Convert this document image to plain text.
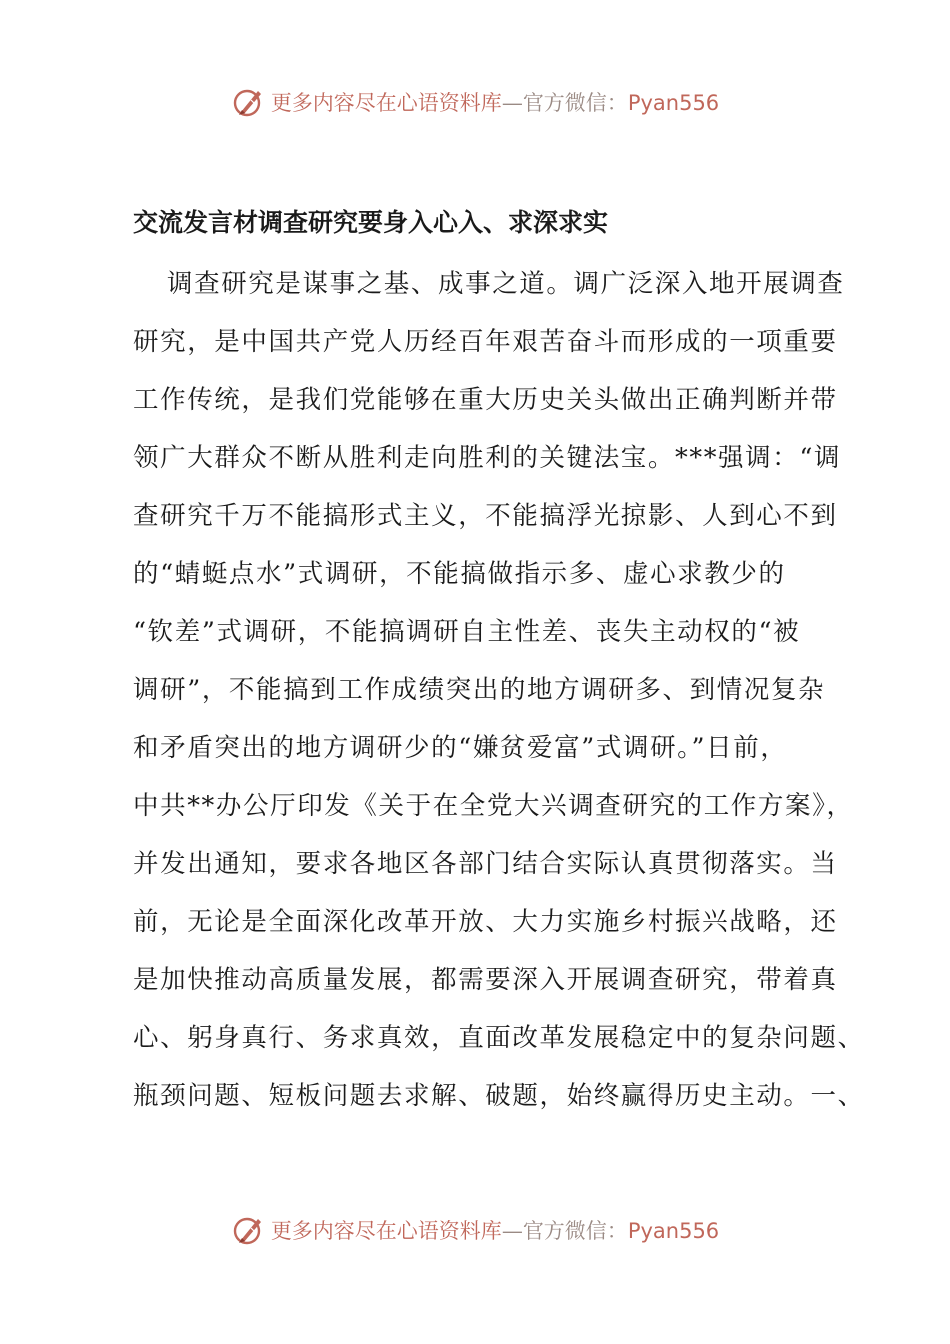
更多内容尽在心语资料库—官方微信：Pyan556
交流发言材调查研究要身入心入、求深求实
调查研究是谋事之基、成事之道。调广泛深入地开展调查
研究，是中国共产党人历经百年艰苦奋斗而形成的一项重要
工作传统，是我们党能够在重大历史关头做出正确判断并带
领广大群众不断从胜利走向胜利的关键法宝。***强调：“调
查研究千万不能搞形式主义，不能搞浮光掠影、人到心不到
的“蜻蜓点水”式调研，不能搞做指示多、虚心求教少的
“钦差”式调研，不能搞调研自主性差、丧失主动权的“被
调研”，不能搞到工作成绩突出的地方调研多、到情况复杂
和矛盾突出的地方调研少的“嫌贫爱富”式调研。”日前，
中共**办公厅印发《关于在全党大兴调查研究的工作方案》，
并发出通知，要求各地区各部门结合实际认真贯彻落实。当
前，无论是全面深化改革开放、大力实施乡村振兴战略，还
是加快推动高质量发展，都需要深入开展调查研究，带着真
心、躬身真行、务求真效，直面改革发展稳定中的复杂问题、
瓶颈问题、短板问题去求解、破题，始终赢得历史主动。一、
更多内容尽在心语资料库—官方微信：Pyan556
